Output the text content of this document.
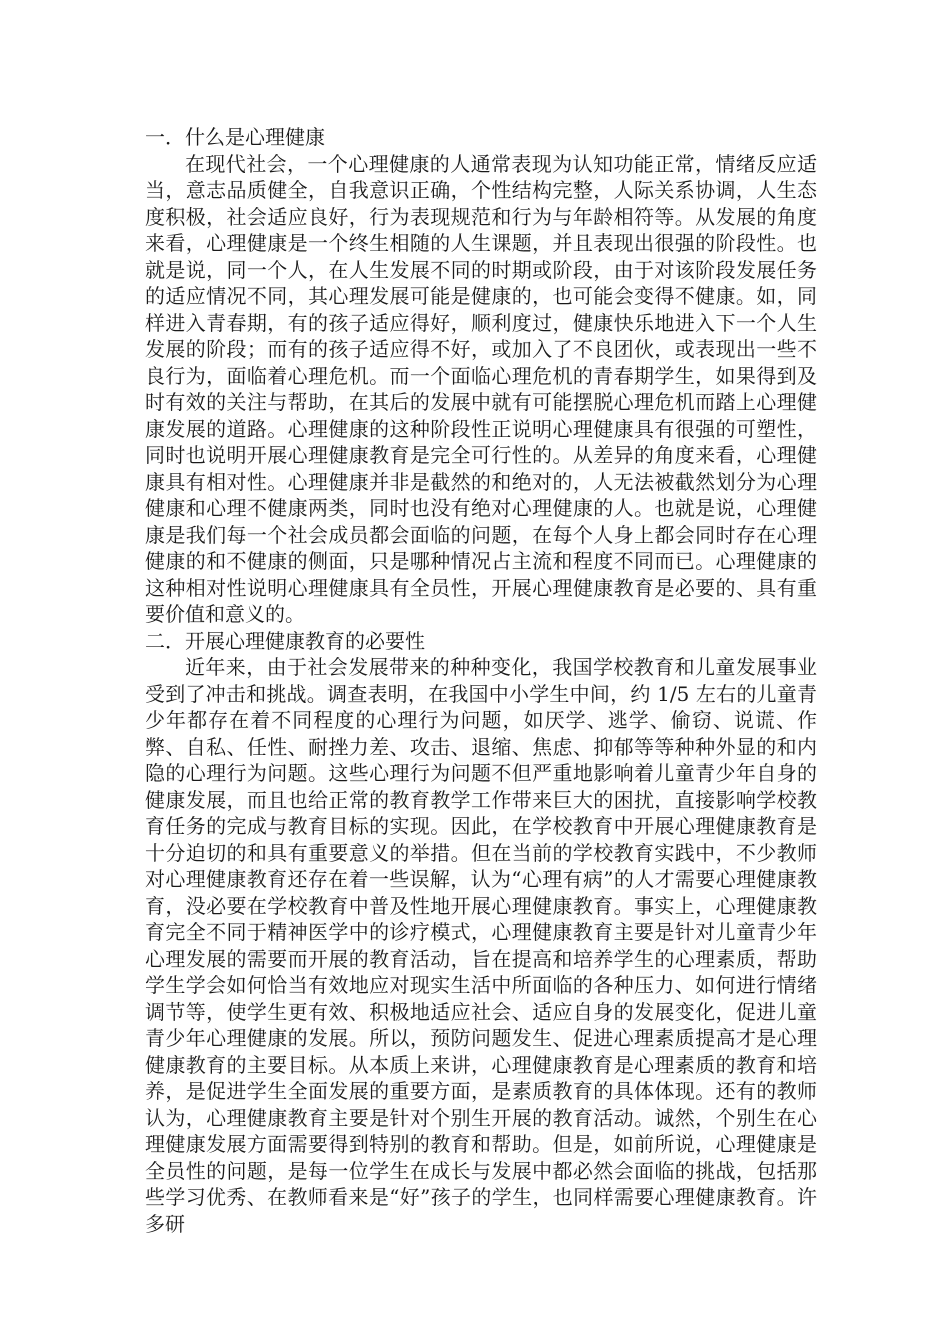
一．什么是心理健康

在现代社会，一个心理健康的人通常表现为认知功能正常，情绪反应适当，意志品质健全，自我意识正确，个性结构完整，人际关系协调，人生态度积极，社会适应良好，行为表现规范和行为与年龄相符等。从发展的角度来看，心理健康是一个终生相随的人生课题，并且表现出很强的阶段性。也就是说，同一个人，在人生发展不同的时期或阶段，由于对该阶段发展任务的适应情况不同，其心理发展可能是健康的，也可能会变得不健康。如，同样进入青春期，有的孩子适应得好，顺利度过，健康快乐地进入下一个人生发展的阶段；而有的孩子适应得不好，或加入了不良团伙，或表现出一些不良行为，面临着心理危机。而一个面临心理危机的青春期学生，如果得到及时有效的关注与帮助，在其后的发展中就有可能摆脱心理危机而踏上心理健康发展的道路。心理健康的这种阶段性正说明心理健康具有很强的可塑性，同时也说明开展心理健康教育是完全可行性的。从差异的角度来看，心理健康具有相对性。心理健康并非是截然的和绝对的，人无法被截然划分为心理健康和心理不健康两类，同时也没有绝对心理健康的人。也就是说，心理健康是我们每一个社会成员都会面临的问题，在每个人身上都会同时存在心理健康的和不健康的侧面，只是哪种情况占主流和程度不同而已。心理健康的这种相对性说明心理健康具有全员性，开展心理健康教育是必要的、具有重要价值和意义的。

二．开展心理健康教育的必要性

近年来，由于社会发展带来的种种变化，我国学校教育和儿童发展事业受到了冲击和挑战。调查表明，在我国中小学生中间，约 1/5 左右的儿童青少年都存在着不同程度的心理行为问题，如厌学、逃学、偷窃、说谎、作弊、自私、任性、耐挫力差、攻击、退缩、焦虑、抑郁等等种种外显的和内隐的心理行为问题。这些心理行为问题不但严重地影响着儿童青少年自身的健康发展，而且也给正常的教育教学工作带来巨大的困扰，直接影响学校教育任务的完成与教育目标的实现。因此，在学校教育中开展心理健康教育是十分迫切的和具有重要意义的举措。但在当前的学校教育实践中，不少教师对心理健康教育还存在着一些误解，认为“心理有病”的人才需要心理健康教育，没必要在学校教育中普及性地开展心理健康教育。事实上，心理健康教育完全不同于精神医学中的诊疗模式，心理健康教育主要是针对儿童青少年心理发展的需要而开展的教育活动，旨在提高和培养学生的心理素质，帮助学生学会如何恰当有效地应对现实生活中所面临的各种压力、如何进行情绪调节等，使学生更有效、积极地适应社会、适应自身的发展变化，促进儿童青少年心理健康的发展。所以，预防问题发生、促进心理素质提高才是心理健康教育的主要目标。从本质上来讲，心理健康教育是心理素质的教育和培养，是促进学生全面发展的重要方面，是素质教育的具体体现。还有的教师认为，心理健康教育主要是针对个别生开展的教育活动。诚然，个别生在心理健康发展方面需要得到特别的教育和帮助。但是，如前所说，心理健康是全员性的问题，是每一位学生在成长与发展中都必然会面临的挑战，包括那些学习优秀、在教师看来是“好”孩子的学生，也同样需要心理健康教育。许多研
